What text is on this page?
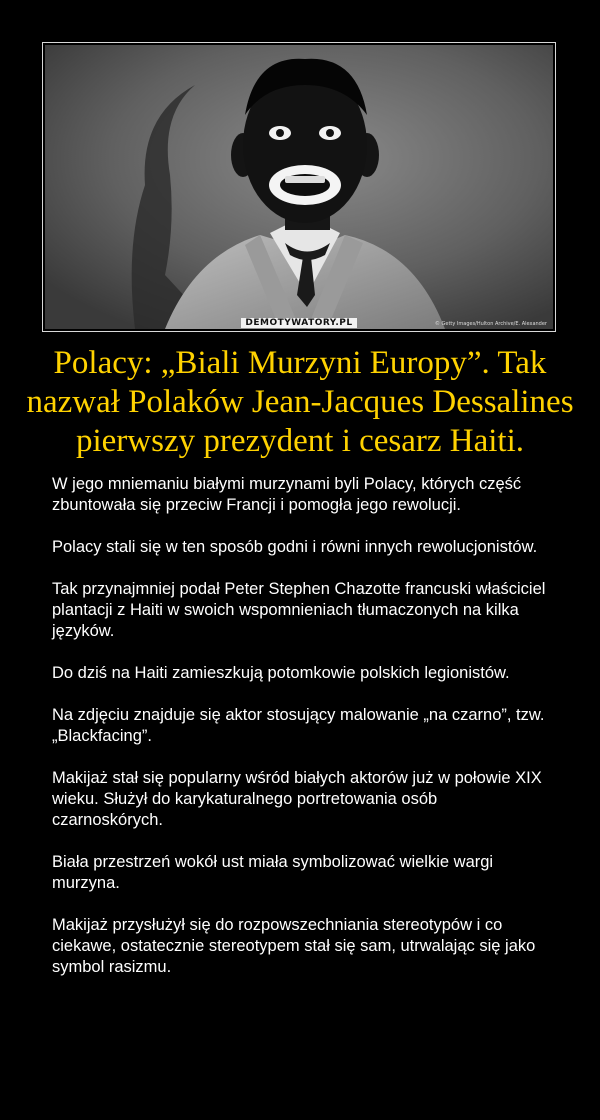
DEMOTYWATORY.PL	© Getty Images/Hulton Archive/E. Alexander
Polacy: „Biali Murzyni Europy”. Tak nazwał Polaków Jean-Jacques Dessalines pierwszy prezydent i cesarz Haiti.

W jego mniemaniu białymi murzynami byli Polacy, których część zbuntowała się przeciw Francji i pomogła jego rewolucji.

Polacy stali się w ten sposób godni i równi innych rewolucjonistów.

Tak przynajmniej podał Peter Stephen Chazotte francuski właściciel plantacji z Haiti w swoich wspomnieniach tłumaczonych na kilka języków.

Do dziś na Haiti zamieszkują potomkowie polskich legionistów.

Na zdjęciu znajduje się aktor stosujący malowanie „na czarno”, tzw. „Blackfacing”.

Makijaż stał się popularny wśród białych aktorów już w połowie XIX wieku. Służył do karykaturalnego portretowania osób czarnoskórych.

Biała przestrzeń wokół ust miała symbolizować wielkie wargi murzyna.

Makijaż przysłużył się do rozpowszechniania stereotypów i co ciekawe, ostatecznie stereotypem stał się sam, utrwalając się jako symbol rasizmu.
